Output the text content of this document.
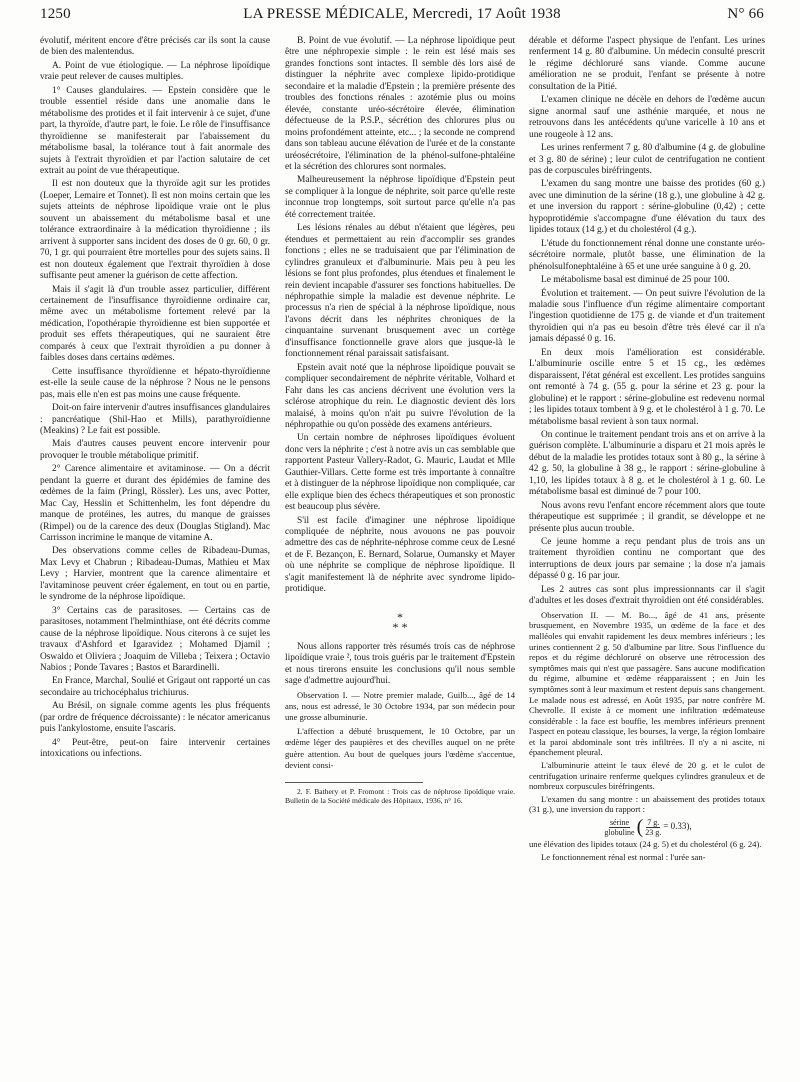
1250	LA PRESSE MÉDICALE, Mercredi, 17 Août 1938	N° 66

évolutif, méritent encore d'être précisés car ils sont la cause de bien des malentendus.

A. Point de vue étiologique. — La néphrose lipoïdique vraie peut relever de causes multiples.

1° Causes glandulaires. — Epstein considère que le trouble essentiel réside dans une anomalie dans le métabolisme des protides et il fait intervenir à ce sujet, d'une part, la thyroïde, d'autre part, le foie. Le rôle de l'insuffisance thyroïdienne se manifesterait par l'abaissement du métabolisme basal, la tolérance tout à fait anormale des sujets à l'extrait thyroïdien et par l'action salutaire de cet extrait au point de vue thérapeutique.

Il est non douteux que la thyroïde agit sur les protides (Loeper, Lemaire et Tonnet). Il est non moins certain que les sujets atteints de néphrose lipoïdique vraie ont le plus souvent un abaissement du métabolisme basal et une tolérance extraordinaire à la médication thyroïdienne ; ils arrivent à supporter sans incident des doses de 0 gr. 60, 0 gr. 70, 1 gr. qui pourraient être mortelles pour des sujets sains. Il est non douteux également que l'extrait thyroïdien à dose suffisante peut amener la guérison de cette affection.

Mais il s'agit là d'un trouble assez particulier, différent certainement de l'insuffisance thyroïdienne ordinaire car, même avec un métabolisme fortement relevé par la médication, l'opothérapie thyroïdienne est bien supportée et produit ses effets thérapeutiques, qui ne sauraient être comparés à ceux que l'extrait thyroïdien a pu donner à faibles doses dans certains œdèmes.

Cette insuffisance thyroïdienne et hépato-thyroïdienne est-elle la seule cause de la néphrose ? Nous ne le pensons pas, mais elle n'en est pas moins une cause fréquente.

Doit-on faire intervenir d'autres insuffisances glandulaires : pancréatique (Shil-Hao et Mills), parathyroïdienne (Meakins) ? Le fait est possible.

Mais d'autres causes peuvent encore intervenir pour provoquer le trouble métabolique primitif.

2° Carence alimentaire et avitaminose. — On a décrit pendant la guerre et durant des épidémies de famine des œdèmes de la faim (Pringl, Rössler). Les uns, avec Potter, Mac Cay, Hesslin et Schittenhelm, les font dépendre du manque de protéines, les autres, du manque de graisses (Rimpel) ou de la carence des deux (Douglas Stigland). Mac Carrisson incrimine le manque de vitamine A.

Des observations comme celles de Ribadeau-Dumas, Max Levy et Chabrun ; Ribadeau-Dumas, Mathieu et Max Levy ; Harvier, montrent que la carence alimentaire et l'avitaminose peuvent créer également, en tout ou en partie, le syndrome de la néphrose lipoïdique.

3° Certains cas de parasitoses. — Certains cas de parasitoses, notamment l'helminthiase, ont été décrits comme cause de la néphrose lipoïdique. Nous citerons à ce sujet les travaux d'Ashford et Igaravidez ; Mohamed Djamil ; Oswaldo et Oliviera ; Joaquim de Villeba ; Teixera ; Octavio Nabios ; Ponde Tavares ; Bastos et Barardinelli.

En France, Marchal, Soulié et Grigaut ont rapporté un cas secondaire au trichocéphalus trichiurus.

Au Brésil, on signale comme agents les plus fréquents (par ordre de fréquence décroissante) : le nécator americanus puis l'ankylostome, ensuite l'ascaris.

4° Peut-être, peut-on faire intervenir certaines intoxications ou infections.

B. Point de vue évolutif. — La néphrose lipoïdique peut être une néphropexie simple : le rein est lésé mais ses grandes fonctions sont intactes. Il semble dès lors aisé de distinguer la néphrite avec complexe lipido-protidique secondaire et la maladie d'Epstein ; la première présente des troubles des fonctions rénales : azotémie plus ou moins élevée, constante uréo-sécrétoire élevée, élimination défectueuse de la P.S.P., sécrétion des chlorures plus ou moins profondément atteinte, etc... ; la seconde ne comprend dans son tableau aucune élévation de l'urée et de la constante uréosécrétoire, l'élimination de la phénol-sulfone-phtaléine et la sécrétion des chlorures sont normales.

Malheureusement la néphrose lipoïdique d'Epstein peut se compliquer à la longue de néphrite, soit parce qu'elle reste inconnue trop longtemps, soit surtout parce qu'elle n'a pas été correctement traitée.

Les lésions rénales au début n'étaient que légères, peu étendues et permettaient au rein d'accomplir ses grandes fonctions ; elles ne se traduisaient que par l'élimination de cylindres granuleux et d'albuminurie. Mais peu à peu les lésions se font plus profondes, plus étendues et finalement le rein devient incapable d'assurer ses fonctions habituelles. De néphropathie simple la maladie est devenue néphrite. Le processus n'a rien de spécial à la néphrose lipoïdique, nous l'avons décrit dans les néphrites chroniques de la cinquantaine survenant brusquement avec un cortège d'insuffisance fonctionnelle grave alors que jusque-là le fonctionnement rénal paraissait satisfaisant.

Epstein avait noté que la néphrose lipoïdique pouvait se compliquer secondairement de néphrite véritable, Volhard et Fahr dans les cas anciens décrivent une évolution vers la sclérose atrophique du rein. Le diagnostic devient dès lors malaisé, à moins qu'on n'ait pu suivre l'évolution de la néphropathie ou qu'on possède des examens antérieurs.

Un certain nombre de néphroses lipoïdiques évoluent donc vers la néphrite ; c'est à notre avis un cas semblable que rapportent Pasteur Vallery-Radot, G. Mauric, Laudat et Mlle Gauthier-Villars. Cette forme est très importante à connaître et à distinguer de la néphrose lipoïdique non compliquée, car elle explique bien des échecs thérapeutiques et son pronostic est beaucoup plus sévère.

S'il est facile d'imaginer une néphrose lipoïdique compliquée de néphrite, nous avouons ne pas pouvoir admettre des cas de néphrite-néphrose comme ceux de Lesné et de F. Bezançon, E. Bernard, Solarue, Oumansky et Mayer où une néphrite se complique de néphrose lipoïdique. Il s'agit manifestement là de néphrite avec syndrome lipido-protidique.

*
* *

Nous allons rapporter très résumés trois cas de néphrose lipoïdique vraie ², tous trois guéris par le traitement d'Epstein et nous tirerons ensuite les conclusions qu'il nous semble sage d'admettre aujourd'hui.

Observation I. — Notre premier malade, Guilb..., âgé de 14 ans, nous est adressé, le 30 Octobre 1934, par son médecin pour une grosse albuminurie.

L'affection a débuté brusquement, le 10 Octobre, par un œdème léger des paupières et des chevilles auquel on ne prête guère attention. Au bout de quelques jours l'œdème s'accentue, devient consi-

2. F. Bathery et P. Fromont : Trois cas de néphrose lipoïdique vraie. Bulletin de la Société médicale des Hôpitaux, 1936, n° 16.

dérable et déforme l'aspect physique de l'enfant. Les urines renferment 14 g. 80 d'albumine. Un médecin consulté prescrit le régime déchloruré sans viande. Comme aucune amélioration ne se produit, l'enfant se présente à notre consultation de la Pitié.

L'examen clinique ne décèle en dehors de l'œdème aucun signe anormal sauf une asthénie marquée, et nous ne retrouvons dans les antécédents qu'une varicelle à 10 ans et une rougeole à 12 ans.

Les urines renferment 7 g. 80 d'albumine (4 g. de globuline et 3 g. 80 de sérine) ; leur culot de centrifugation ne contient pas de corpuscules biréfringents.

L'examen du sang montre une baisse des protides (60 g.) avec une diminution de la sérine (18 g.), une globuline à 42 g. et une inversion du rapport : sérine-globuline (0,42) ; cette hypoprotidémie s'accompagne d'une élévation du taux des lipides totaux (14 g.) et du cholestérol (4 g.).

L'étude du fonctionnement rénal donne une constante uréo-sécrétoire normale, plutôt basse, une élimination de la phénolsulfonephtaléine à 65 et une urée sanguine à 0 g. 20.

Le métabolisme basal est diminué de 25 pour 100.

Évolution et traitement. — On peut suivre l'évolution de la maladie sous l'influence d'un régime alimentaire comportant l'ingestion quotidienne de 175 g. de viande et d'un traitement thyroïdien qui n'a pas eu besoin d'être très élevé car il n'a jamais dépassé 0 g. 16.

En deux mois l'amélioration est considérable. L'albuminurie oscille entre 5 et 15 cg., les œdèmes disparaissent, l'état général est excellent. Les protides sanguins ont remonté à 74 g. (55 g. pour la sérine et 23 g. pour la globuline) et le rapport : sérine-globuline est redevenu normal ; les lipides totaux tombent à 9 g. et le cholestérol à 1 g. 70. Le métabolisme basal revient à son taux normal.

On continue le traitement pendant trois ans et on arrive à la guérison complète. L'albuminurie a disparu et 21 mois après le début de la maladie les protides totaux sont à 80 g., la sérine à 42 g. 50, la globuline à 38 g., le rapport : sérine-globuline à 1,10, les lipides totaux à 8 g. et le cholestérol à 1 g. 60. Le métabolisme basal est diminué de 7 pour 100.

Nous avons revu l'enfant encore récemment alors que toute thérapeutique est supprimée ; il grandit, se développe et ne présente plus aucun trouble.

Ce jeune homme a reçu pendant plus de trois ans un traitement thyroïdien continu ne comportant que des interruptions de deux jours par semaine ; la dose n'a jamais dépassé 0 g. 16 par jour.

Les 2 autres cas sont plus impressionnants car il s'agit d'adultes et les doses d'extrait thyroïdien ont été considérables.

Observation II. — M. Bo..., âgé de 41 ans, présente brusquement, en Novembre 1935, un œdème de la face et des malléoles qui envahit rapidement les deux membres inférieurs ; les urines contiennent 2 g. 50 d'albumine par litre. Sous l'influence du repos et du régime déchloruré on observe une rétrocession des symptômes mais qui n'est que passagère. Sans aucune modification du régime, albumine et œdème réapparaissent ; en Juin les symptômes sont à leur maximum et restent depuis sans changement. Le malade nous est adressé, en Août 1935, par notre confrère M. Chevrolle. Il existe à ce moment une infiltration œdémateuse considérable : la face est bouffie, les membres inférieurs prennent l'aspect en poteau classique, les bourses, la verge, la région lombaire et la paroi abdominale sont très infiltrées. Il n'y a ni ascite, ni épanchement pleural.

L'albuminurie atteint le taux élevé de 20 g. et le culot de centrifugation urinaire renferme quelques cylindres granuleux et de nombreux corpuscules biréfringents.

L'examen du sang montre : un abaissement des protides totaux (31 g.), une inversion du rapport :

$\frac{\text{sérine}}{\text{globuline}}$ ( $\frac{7 g.}{23 g.} = 0.33$),

une élévation des lipides totaux (24 g. 5) et du cholestérol (6 g. 24).

Le fonctionnement rénal est normal : l'urée san-
